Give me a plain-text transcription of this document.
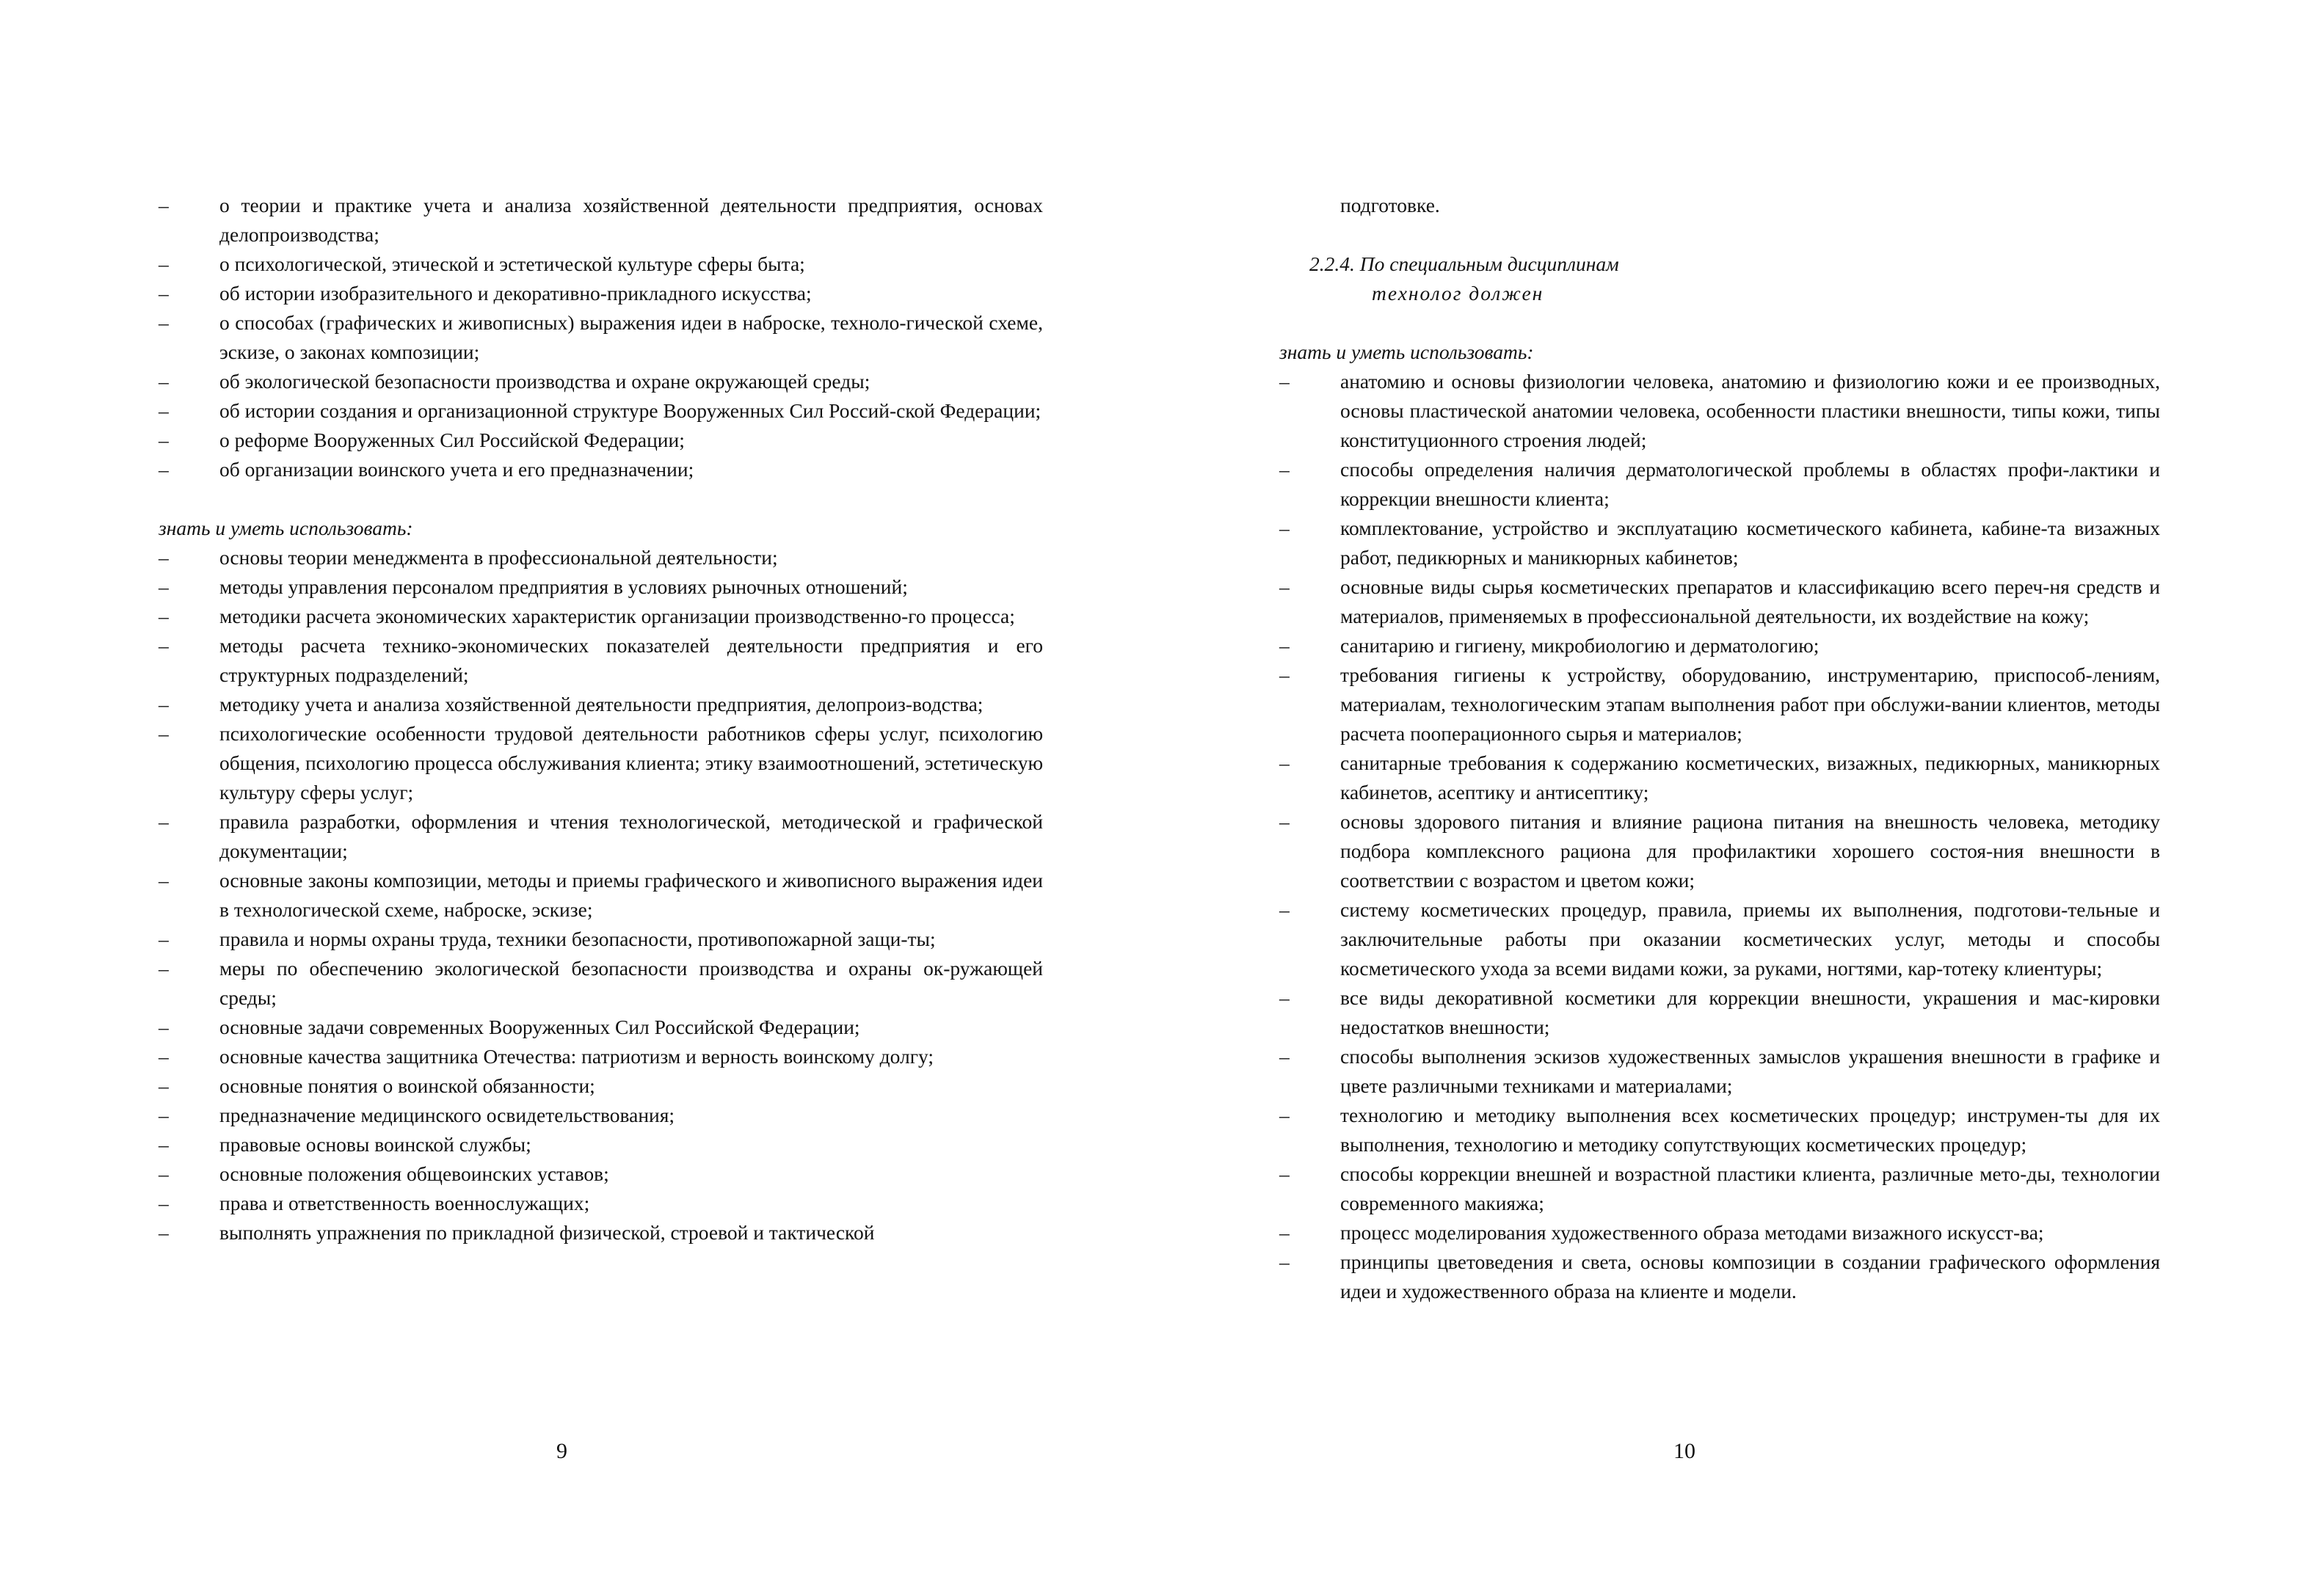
–	о теории и практике учета и анализа хозяйственной деятельности предприятия, основах делопроизводства;
–	о психологической, этической и эстетической культуре сферы быта;
–	об истории изобразительного и декоративно-прикладного искусства;
–	о способах (графических и живописных) выражения идеи в наброске, техноло-гической схеме, эскизе, о законах композиции;
–	об экологической безопасности производства и охране окружающей среды;
–	об истории создания и организационной структуре Вооруженных Сил Россий-ской Федерации;
–	о реформе Вооруженных Сил Российской Федерации;
–	об организации воинского учета и его предназначении;
знать и уметь использовать:
–	основы теории менеджмента в профессиональной деятельности;
–	методы управления персоналом предприятия в условиях рыночных отношений;
–	методики расчета экономических характеристик организации производственно-го процесса;
–	методы расчета технико-экономических показателей деятельности предприятия и его структурных подразделений;
–	методику учета и анализа хозяйственной деятельности предприятия, делопроиз-водства;
–	психологические особенности трудовой деятельности работников сферы услуг, психологию общения, психологию процесса обслуживания клиента; этику взаимоотношений, эстетическую культуру сферы услуг;
–	правила разработки, оформления и чтения технологической, методической и графической документации;
–	основные законы композиции, методы и приемы графического и живописного выражения идеи в технологической схеме, наброске, эскизе;
–	правила и нормы охраны труда, техники безопасности, противопожарной защи-ты;
–	меры по обеспечению экологической безопасности производства и охраны ок-ружающей среды;
–	основные задачи современных Вооруженных Сил Российской Федерации;
–	основные качества защитника Отечества: патриотизм и верность воинскому долгу;
–	основные понятия о воинской обязанности;
–	предназначение медицинского освидетельствования;
–	правовые основы воинской службы;
–	основные положения общевоинских уставов;
–	права и ответственность военнослужащих;
–	выполнять упражнения по прикладной физической, строевой и тактической
9
подготовке.
2.2.4. По специальным дисциплинам
технолог должен
знать и уметь использовать:
–	анатомию и основы физиологии человека, анатомию и физиологию кожи и ее производных, основы пластической анатомии человека, особенности пластики внешности, типы кожи, типы конституционного строения людей;
–	способы определения наличия дерматологической проблемы в областях профи-лактики и коррекции внешности клиента;
–	комплектование, устройство и эксплуатацию косметического кабинета, кабине-та визажных работ, педикюрных и маникюрных кабинетов;
–	основные виды сырья косметических препаратов и классификацию всего переч-ня средств и материалов, применяемых в профессиональной деятельности, их воздействие на кожу;
–	санитарию и гигиену, микробиологию и дерматологию;
–	требования гигиены к устройству, оборудованию, инструментарию, приспособ-лениям, материалам, технологическим этапам выполнения работ при обслужи-вании клиентов, методы расчета пооперационного сырья и материалов;
–	санитарные требования к содержанию косметических, визажных, педикюрных, маникюрных кабинетов, асептику и антисептику;
–	основы здорового питания и влияние рациона питания на внешность человека, методику подбора комплексного рациона для профилактики хорошего состоя-ния внешности в соответствии с возрастом и цветом кожи;
–	систему косметических процедур, правила, приемы их выполнения, подготови-тельные и заключительные работы при оказании косметических услуг, методы и способы косметического ухода за всеми видами кожи, за руками, ногтями, кар-тотеку клиентуры;
–	все виды декоративной косметики для коррекции внешности, украшения и мас-кировки недостатков внешности;
–	способы выполнения эскизов художественных замыслов украшения внешности в графике и цвете различными техниками и материалами;
–	технологию и методику выполнения всех косметических процедур; инструмен-ты для их выполнения, технологию и методику сопутствующих косметических процедур;
–	способы коррекции внешней и возрастной пластики клиента, различные мето-ды, технологии современного макияжа;
–	процесс моделирования художественного образа методами визажного искусст-ва;
–	принципы цветоведения и света, основы композиции в создании графического оформления идеи и художественного образа на клиенте и модели.
10
